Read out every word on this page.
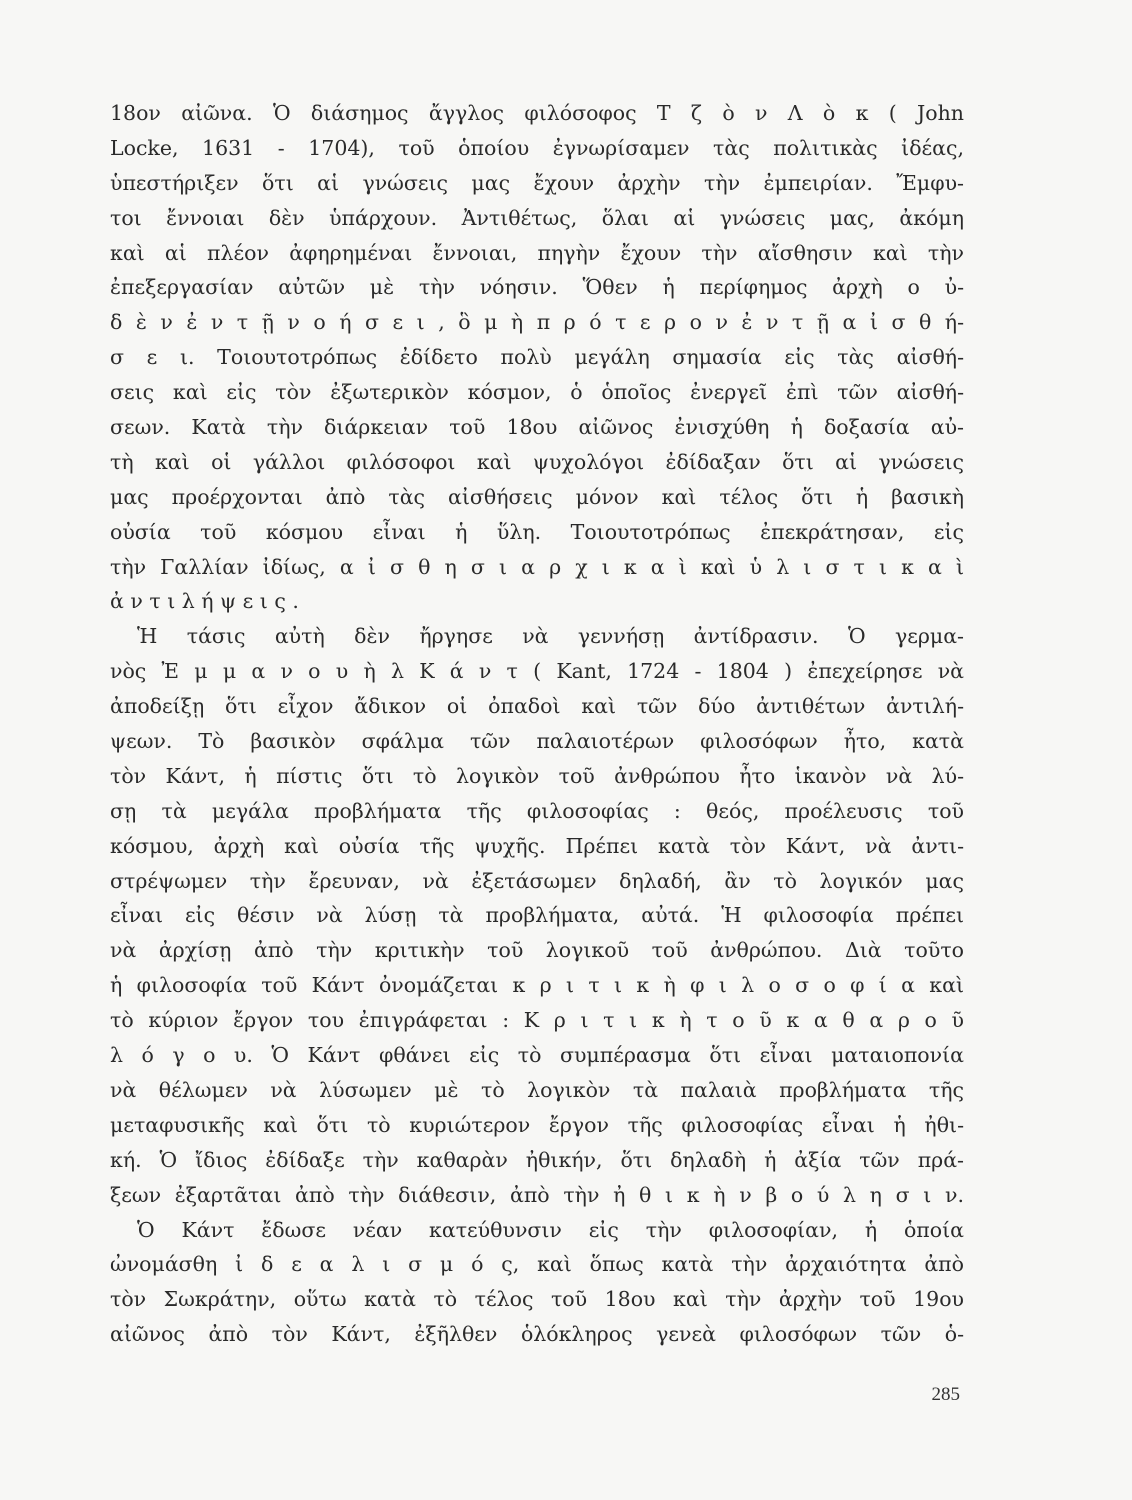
18ον αἰῶνα. Ὁ διάσημος ἄγγλος φιλόσοφος Τ ζ ὸ ν Λ ὸ κ ( John
Locke, 1631 - 1704), τοῦ ὁποίου ἐγνωρίσαμεν τὰς πολιτικὰς ἰδέας,
ὑπεστήριξεν ὅτι αἱ γνώσεις μας ἔχουν ἀρχὴν τὴν ἐμπειρίαν. Ἔμφυ-
τοι ἔννοιαι δὲν ὑπάρχουν. Ἀντιθέτως, ὅλαι αἱ γνώσεις μας, ἀκόμη
καὶ αἱ πλέον ἀφηρημέναι ἔννοιαι, πηγὴν ἔχουν τὴν αἴσθησιν καὶ τὴν
ἐπεξεργασίαν αὐτῶν μὲ τὴν νόησιν. Ὅθεν ἡ περίφημος ἀρχὴ ο ὐ-
δ ὲ ν ἐ ν τ ῇ ν ο ή σ ε ι , ὃ μ ὴ π ρ ό τ ε ρ ο ν ἐ ν τ ῇ α ἰ σ θ ή-
σ ε ι. Τοιουτοτρόπως ἐδίδετο πολὺ μεγάλη σημασία εἰς τὰς αἰσθή-
σεις καὶ εἰς τὸν ἐξωτερικὸν κόσμον, ὁ ὁποῖος ἐνεργεῖ ἐπὶ τῶν αἰσθή-
σεων. Κατὰ τὴν διάρκειαν τοῦ 18ου αἰῶνος ἐνισχύθη ἡ δοξασία αὐ-
τὴ καὶ οἱ γάλλοι φιλόσοφοι καὶ ψυχολόγοι ἐδίδαξαν ὅτι αἱ γνώσεις
μας προέρχονται ἀπὸ τὰς αἰσθήσεις μόνον καὶ τέλος ὅτι ἡ βασικὴ
οὐσία τοῦ κόσμου εἶναι ἡ ὕλη. Τοιουτοτρόπως ἐπεκράτησαν, εἰς
τὴν Γαλλίαν ἰδίως, α ἰ σ θ η σ ι α ρ χ ι κ α ὶ καὶ ὑ λ ι σ τ ι κ α ὶ
ἀ ν τ ι λ ή ψ ε ι ς .
Ἡ τάσις αὐτὴ δὲν ἤργησε νὰ γεννήσῃ ἀντίδρασιν. Ὁ γερμα-
νὸς Ἐ μ μ α ν ο υ ὴ λ Κ ά ν τ ( Kant, 1724 - 1804 ) ἐπεχείρησε νὰ
ἀποδείξῃ ὅτι εἶχον ἄδικον οἱ ὀπαδοὶ καὶ τῶν δύο ἀντιθέτων ἀντιλή-
ψεων. Τὸ βασικὸν σφάλμα τῶν παλαιοτέρων φιλοσόφων ἦτο, κατὰ
τὸν Κάντ, ἡ πίστις ὅτι τὸ λογικὸν τοῦ ἀνθρώπου ἦτο ἱκανὸν νὰ λύ-
σῃ τὰ μεγάλα προβλήματα τῆς φιλοσοφίας : θεός, προέλευσις τοῦ
κόσμου, ἀρχὴ καὶ οὐσία τῆς ψυχῆς. Πρέπει κατὰ τὸν Κάντ, νὰ ἀντι-
στρέψωμεν τὴν ἔρευναν, νὰ ἐξετάσωμεν δηλαδή, ἂν τὸ λογικόν μας
εἶναι εἰς θέσιν νὰ λύσῃ τὰ προβλήματα, αὐτά. Ἡ φιλοσοφία πρέπει
νὰ ἀρχίσῃ ἀπὸ τὴν κριτικὴν τοῦ λογικοῦ τοῦ ἀνθρώπου. Διὰ τοῦτο
ἡ φιλοσοφία τοῦ Κάντ ὀνομάζεται κ ρ ι τ ι κ ὴ φ ι λ ο σ ο φ ί α καὶ
τὸ κύριον ἔργον του ἐπιγράφεται : Κ ρ ι τ ι κ ὴ τ ο ῦ κ α θ α ρ ο ῦ
λ ό γ ο υ. Ὁ Κάντ φθάνει εἰς τὸ συμπέρασμα ὅτι εἶναι ματαιοπονία
νὰ θέλωμεν νὰ λύσωμεν μὲ τὸ λογικὸν τὰ παλαιὰ προβλήματα τῆς
μεταφυσικῆς καὶ ὅτι τὸ κυριώτερον ἔργον τῆς φιλοσοφίας εἶναι ἡ ἠθι-
κή. Ὁ ἴδιος ἐδίδαξε τὴν καθαρὰν ἠθικήν, ὅτι δηλαδὴ ἡ ἀξία τῶν πρά-
ξεων ἐξαρτᾶται ἀπὸ τὴν διάθεσιν, ἀπὸ τὴν ἠ θ ι κ ὴ ν β ο ύ λ η σ ι ν.
Ὁ Κάντ ἔδωσε νέαν κατεύθυνσιν εἰς τὴν φιλοσοφίαν, ἡ ὁποία
ὠνομάσθη ἰ δ ε α λ ι σ μ ό ς, καὶ ὅπως κατὰ τὴν ἀρχαιότητα ἀπὸ
τὸν Σωκράτην, οὕτω κατὰ τὸ τέλος τοῦ 18ου καὶ τὴν ἀρχὴν τοῦ 19ου
αἰῶνος ἀπὸ τὸν Κάντ, ἐξῆλθεν ὁλόκληρος γενεὰ φιλοσόφων τῶν ὁ-
285
